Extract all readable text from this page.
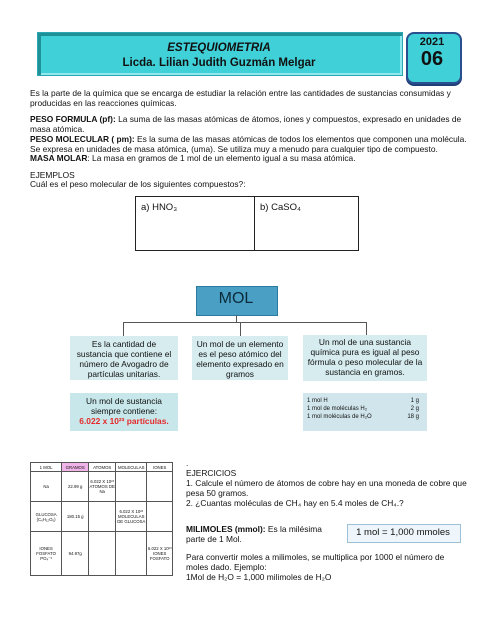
ESTEQUIOMETRIA
Licda. Lilian Judith Guzmán Melgar
2021
06
Es la parte de la química que se encarga de estudiar la relación entre las cantidades de sustancias consumidas y producidas en las reacciones químicas.
PESO FORMULA (pf): La suma de las masas atómicas de átomos, iones y compuestos, expresado en unidades de masa atómica.
PESO MOLECULAR ( pm): Es la suma de las masas atómicas de todos los elementos que componen una molécula. Se expresa en unidades de masa atómica, (uma). Se utiliza muy a menudo para cualquier tipo de compuesto.
MASA MOLAR: La masa en gramos de 1 mol de un elemento igual a su masa atómica.
EJEMPLOS
Cuál es el peso molecular de los siguientes compuestos?:
a) HNO₃	b) CaSO₄
MOL
Es la cantidad de sustancia que contiene el número de Avogadro de partículas unitarias.
Un mol de un elemento es el peso atómico del elemento expresado en gramos
Un mol de una sustancia química pura es igual al peso fórmula o peso molecular de la sustancia en gramos.
Un mol de sustancia siempre contiene:
6.022 x 10²³ partículas.
1 mol H	1 g
1 mol de moléculas H₂	2 g
1 mol moléculas de H₂O	18 g
1 MOL	GRAMOS	ATOMOS	MOLECULAS	IONES
Na	22.99 g	6.022 X 10²³ ATOMOS DE Na		
GLUCOSA (C₆H₁₂O₆)	180.15 g		6.022 X 10²³ MOLECULAS DE GLUCOSA	
IONES FOSFATO PO₄⁻³	94.97g			6.022 X 10²³ IONES FOSFATO
.
EJERCICIOS
1. Calcule el número de átomos de cobre hay en una moneda de cobre que pesa 50 gramos.
2. ¿Cuantas moléculas de CH₄ hay en 5.4 moles de CH₄.?
MILIMOLES (mmol): Es la milésima parte de 1 Mol.
1 mol = 1,000 mmoles
Para convertir moles a milimoles, se multiplica por 1000 el número de moles dado. Ejemplo:
1Mol de H₂O = 1,000 milimoles de H₂O
